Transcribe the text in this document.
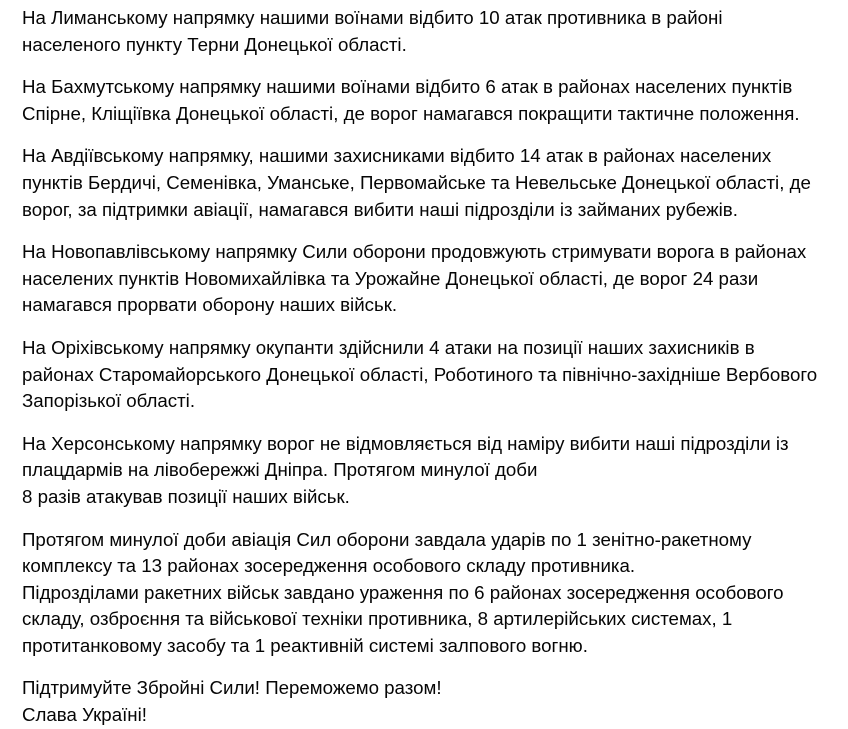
На Лиманському напрямку нашими воїнами відбито 10 атак противника в районі
населеного пункту Терни Донецької області.
На Бахмутському напрямку нашими воїнами відбито 6 атак в районах населених пунктів
Спірне, Кліщіївка Донецької області, де ворог намагався покращити тактичне положення.
На Авдіївському напрямку, нашими захисниками відбито 14 атак в районах населених
пунктів Бердичі, Семенівка, Уманське, Первомайське та Невельське Донецької області, де
ворог, за підтримки авіації, намагався вибити наші підрозділи із займаних рубежів.
На Новопавлівському напрямку Сили оборони продовжують стримувати ворога в районах
населених пунктів Новомихайлівка та Урожайне Донецької області, де ворог 24 рази
намагався прорвати оборону наших військ.
На Оріхівському напрямку окупанти здійснили 4 атаки на позиції наших захисників в
районах Старомайорського Донецької області, Роботиного та північно-західніше Вербового
Запорізької області.
На Херсонському напрямку ворог не відмовляється від наміру вибити наші підрозділи із
плацдармів на лівобережжі Дніпра. Протягом минулої доби
8 разів атакував позиції наших військ.
Протягом минулої доби авіація Сил оборони завдала ударів по 1 зенітно-ракетному
комплексу та 13 районах зосередження особового складу противника.
Підрозділами ракетних військ завдано ураження по 6 районах зосередження особового
складу, озброєння та військової техніки противника, 8 артилерійських системах, 1
протитанковому засобу та 1 реактивній системі залпового вогню.
Підтримуйте Збройні Сили! Переможемо разом!
Слава Україні!
